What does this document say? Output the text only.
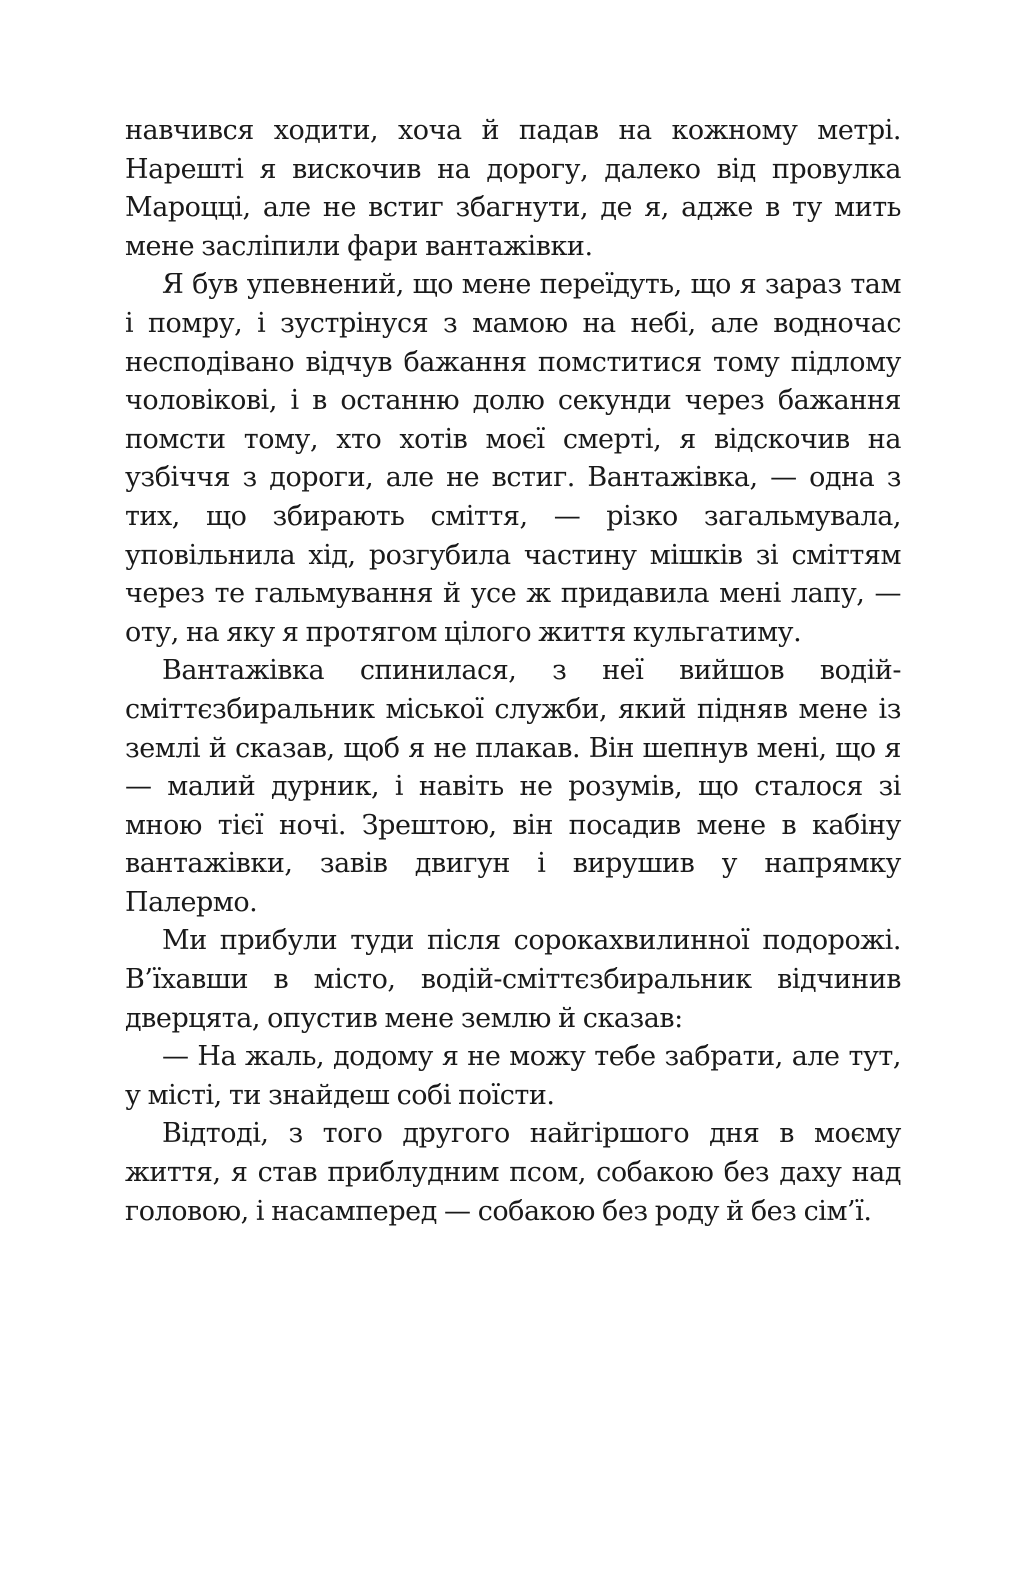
навчився ходити, хоча й падав на кожному метрі. Нарешті я вискочив на дорогу, далеко від провулка Мароцці, але не встиг збагнути, де я, адже в ту мить мене засліпили фари вантажівки.

Я був упевнений, що мене переїдуть, що я зараз там і помру, і зустрінуся з мамою на небі, але водночас несподівано відчув бажання помститися тому підлому чоловікові, і в останню долю секунди через бажання помсти тому, хто хотів моєї смерті, я відскочив на узбіччя з дороги, але не встиг. Вантажівка, — одна з тих, що збирають сміття, — різко загальмувала, уповільнила хід, розгубила частину мішків зі сміттям через те гальмування й усе ж придавила мені лапу, — оту, на яку я протягом цілого життя кульгатиму.

Вантажівка спинилася, з неї вийшов водій-сміттєзбиральник міської служби, який підняв мене із землі й сказав, щоб я не плакав. Він шепнув мені, що я — малий дурник, і навіть не розумів, що сталося зі мною тієї ночі. Зрештою, він посадив мене в кабіну вантажівки, завів двигун і вирушив у напрямку Палермо.

Ми прибули туди після сорокахвилинної подорожі. В’їхавши в місто, водій-сміттєзбиральник відчинив дверцята, опустив мене землю й сказав:

— На жаль, додому я не можу тебе забрати, але тут, у місті, ти знайдеш собі поїсти.

Відтоді, з того другого найгіршого дня в моєму життя, я став приблудним псом, собакою без даху над головою, і насамперед — собакою без роду й без сім’ї.
